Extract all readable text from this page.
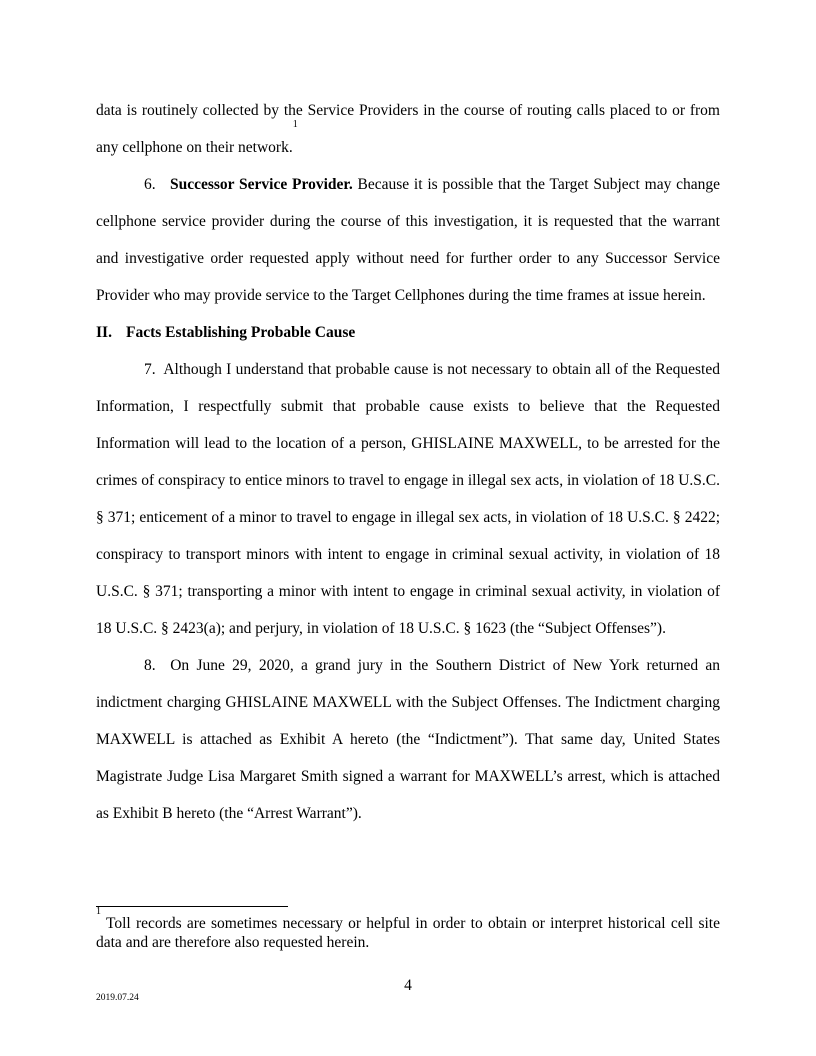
data is routinely collected by the Service Providers in the course of routing calls placed to or from any cellphone on their network.$^1$

6. Successor Service Provider. Because it is possible that the Target Subject may change cellphone service provider during the course of this investigation, it is requested that the warrant and investigative order requested apply without need for further order to any Successor Service Provider who may provide service to the Target Cellphones during the time frames at issue herein.

II. Facts Establishing Probable Cause

7. Although I understand that probable cause is not necessary to obtain all of the Requested Information, I respectfully submit that probable cause exists to believe that the Requested Information will lead to the location of a person, GHISLAINE MAXWELL, to be arrested for the crimes of conspiracy to entice minors to travel to engage in illegal sex acts, in violation of 18 U.S.C. § 371; enticement of a minor to travel to engage in illegal sex acts, in violation of 18 U.S.C. § 2422; conspiracy to transport minors with intent to engage in criminal sexual activity, in violation of 18 U.S.C. § 371; transporting a minor with intent to engage in criminal sexual activity, in violation of 18 U.S.C. § 2423(a); and perjury, in violation of 18 U.S.C. § 1623 (the “Subject Offenses”).

8. On June 29, 2020, a grand jury in the Southern District of New York returned an indictment charging GHISLAINE MAXWELL with the Subject Offenses. The Indictment charging MAXWELL is attached as Exhibit A hereto (the “Indictment”). That same day, United States Magistrate Judge Lisa Margaret Smith signed a warrant for MAXWELL’s arrest, which is attached as Exhibit B hereto (the “Arrest Warrant”).

$^1$ Toll records are sometimes necessary or helpful in order to obtain or interpret historical cell site data and are therefore also requested herein.
4
2019.07.24
